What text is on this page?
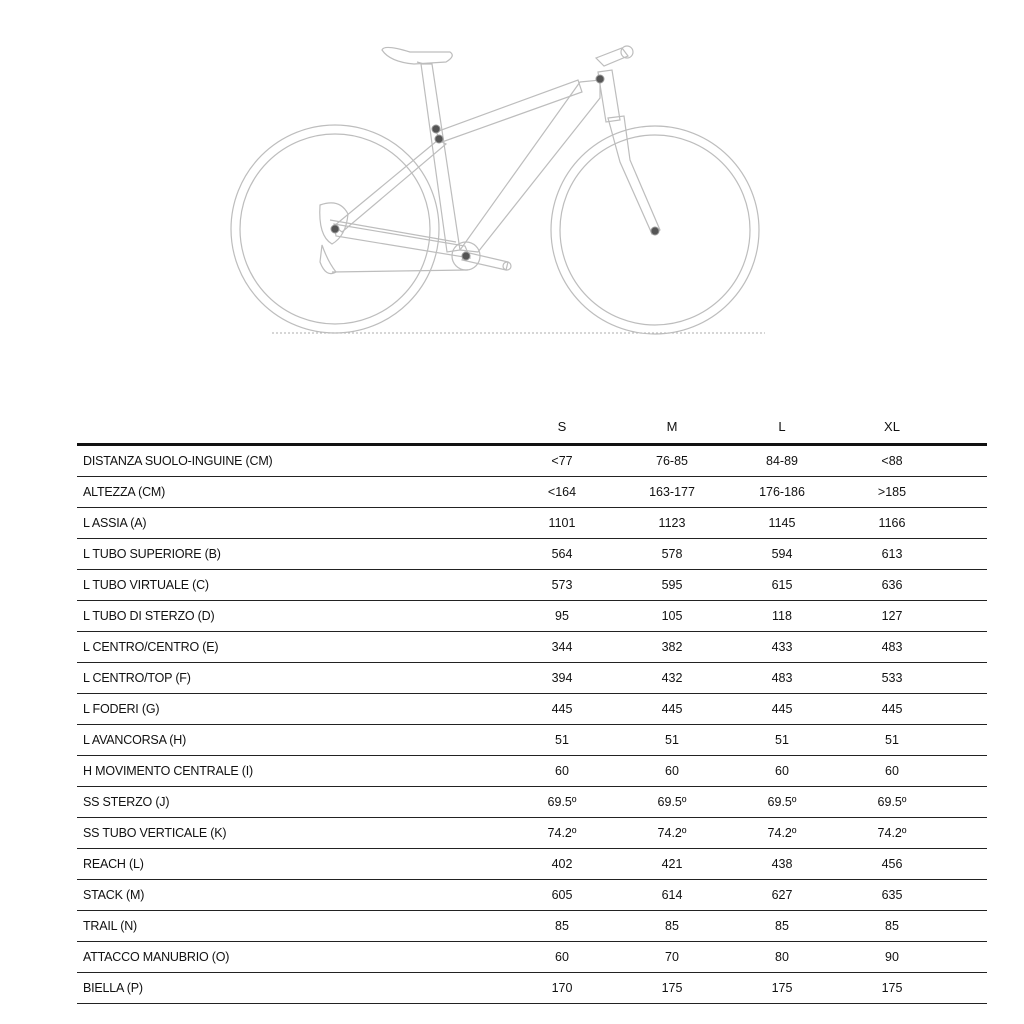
	S	M	L	XL	
DISTANZA SUOLO-INGUINE (CM)	<77	76-85	84-89	<88	
ALTEZZA (CM)	<164	163-177	176-186	>185	
L ASSIA (A)	1101	1123	1145	1166	
L TUBO SUPERIORE (B)	564	578	594	613	
L TUBO VIRTUALE (C)	573	595	615	636	
L TUBO DI STERZO (D)	95	105	118	127	
L CENTRO/CENTRO (E)	344	382	433	483	
L CENTRO/TOP (F)	394	432	483	533	
L FODERI (G)	445	445	445	445	
L AVANCORSA (H)	51	51	51	51	
H MOVIMENTO CENTRALE (I)	60	60	60	60	
SS STERZO (J)	69.5º	69.5º	69.5º	69.5º	
SS TUBO VERTICALE (K)	74.2º	74.2º	74.2º	74.2º	
REACH (L)	402	421	438	456	
STACK (M)	605	614	627	635	
TRAIL (N)	85	85	85	85	
ATTACCO MANUBRIO (O)	60	70	80	90	
BIELLA (P)	170	175	175	175	
